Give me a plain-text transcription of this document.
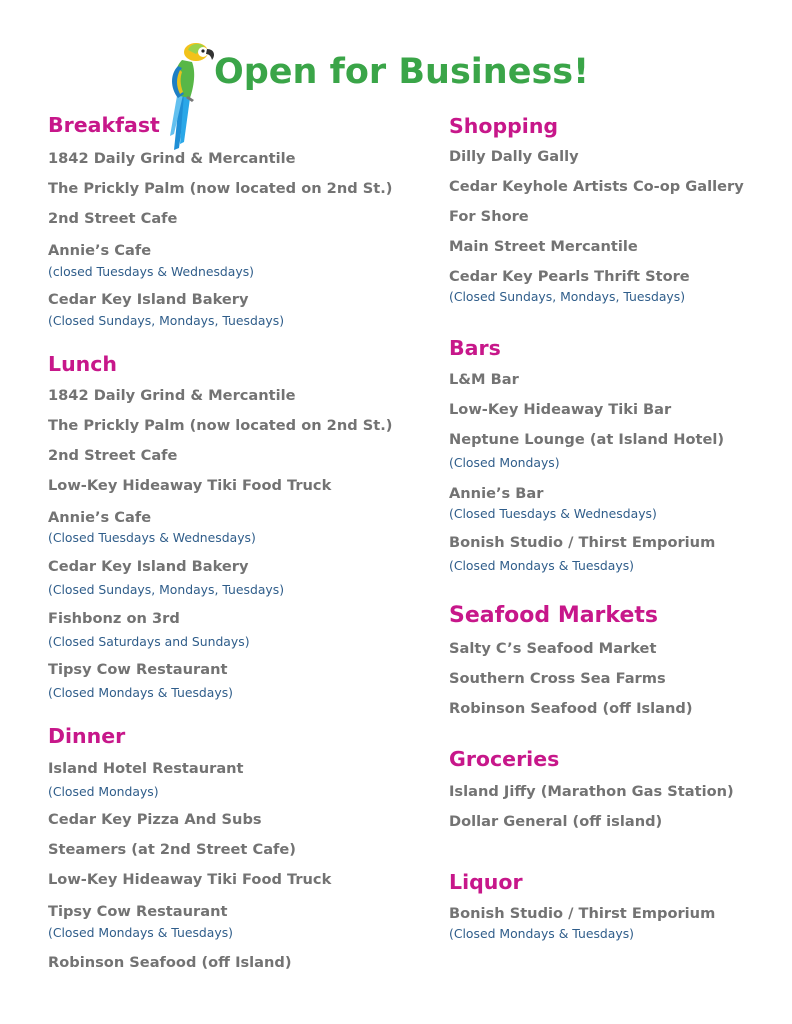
Open for Business!
Breakfast
1842 Daily Grind & Mercantile
The Prickly Palm (now located on 2nd St.)
2nd Street Cafe
Annie’s Cafe
(closed Tuesdays & Wednesdays)
Cedar Key Island Bakery
(Closed Sundays, Mondays, Tuesdays)
Lunch
1842 Daily Grind & Mercantile
The Prickly Palm (now located on 2nd St.)
2nd Street Cafe
Low-Key Hideaway Tiki Food Truck
Annie’s Cafe
(Closed Tuesdays & Wednesdays)
Cedar Key Island Bakery
(Closed Sundays, Mondays, Tuesdays)
Fishbonz on 3rd
(Closed Saturdays and Sundays)
Tipsy Cow Restaurant
(Closed Mondays & Tuesdays)
Dinner
Island Hotel Restaurant
(Closed Mondays)
Cedar Key Pizza And Subs
Steamers (at 2nd Street Cafe)
Low-Key Hideaway Tiki Food Truck
Tipsy Cow Restaurant
(Closed Mondays & Tuesdays)
Robinson Seafood (off Island)
Shopping
Dilly Dally Gally
Cedar Keyhole Artists Co-op Gallery
For Shore
Main Street Mercantile
Cedar Key Pearls Thrift Store
(Closed Sundays, Mondays, Tuesdays)
Bars
L&M Bar
Low-Key Hideaway Tiki Bar
Neptune Lounge (at Island Hotel)
(Closed Mondays)
Annie’s Bar
(Closed Tuesdays & Wednesdays)
Bonish Studio / Thirst Emporium
(Closed Mondays & Tuesdays)
Seafood Markets
Salty C’s Seafood Market
Southern Cross Sea Farms
Robinson Seafood (off Island)
Groceries
Island Jiffy (Marathon Gas Station)
Dollar General (off island)
Liquor
Bonish Studio / Thirst Emporium
(Closed Mondays & Tuesdays)
